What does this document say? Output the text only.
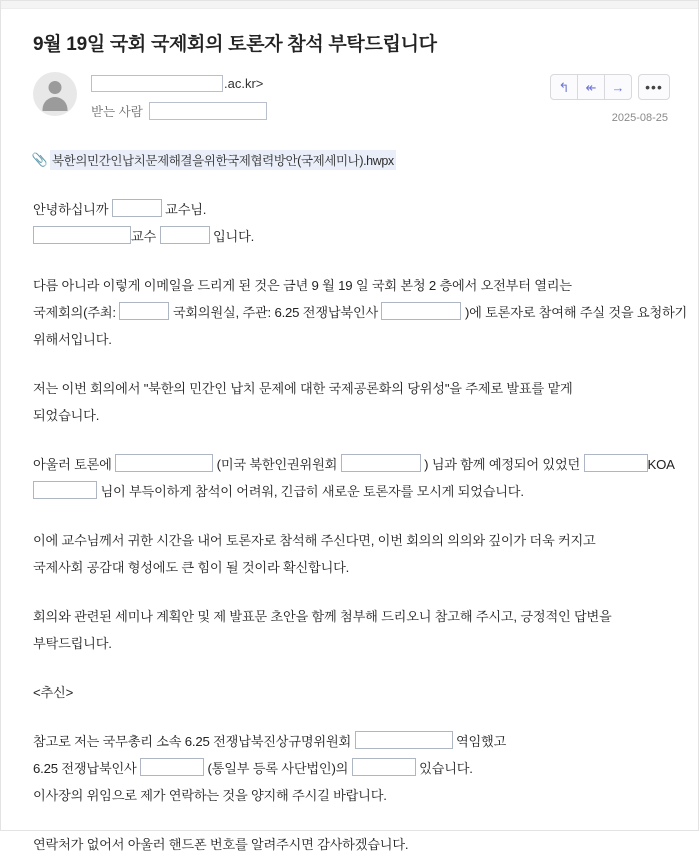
9월 19일 국회 국제회의 토론자 참석 부탁드립니다
.ac.kr>
받는 사람
↰ ↞ → •••
2025-08-25
📎 북한의민간인납치문제해결을위한국제협력방안(국제세미나).hwpx
안녕하십니까	교수님.
교수	입니다.
다름 아니라 이렇게 이메일을 드리게 된 것은 금년 9 월 19 일 국회 본청 2 층에서 오전부터 열리는
국제회의(주최:	국회의원실, 주관: 6.25 전쟁납북인사	)에 토론자로 참여해 주실 것을 요청하기
위해서입니다.
저는 이번 회의에서 "북한의 민간인 납치 문제에 대한 국제공론화의 당위성"을 주제로 발표를 맡게
되었습니다.
아울러 토론에	(미국 북한인권위원회	) 님과 함께 예정되어 있었던	KOA
님이 부득이하게 참석이 어려워, 긴급히 새로운 토론자를 모시게 되었습니다.
이에 교수님께서 귀한 시간을 내어 토론자로 참석해 주신다면, 이번 회의의 의의와 깊이가 더욱 커지고
국제사회 공감대 형성에도 큰 힘이 될 것이라 확신합니다.
회의와 관련된 세미나 계획안 및 제 발표문 초안을 함께 첨부해 드리오니 참고해 주시고, 긍정적인 답변을
부탁드립니다.
<추신>
참고로 저는 국무총리 소속 6.25 전쟁납북진상규명위원회	역임했고
6.25 전쟁납북인사	(통일부 등록 사단법인)의	있습니다.
이사장의 위임으로 제가 연락하는 것을 양지해 주시길 바랍니다.
연락처가 없어서 아울러 핸드폰 번호를 알려주시면 감사하겠습니다.
